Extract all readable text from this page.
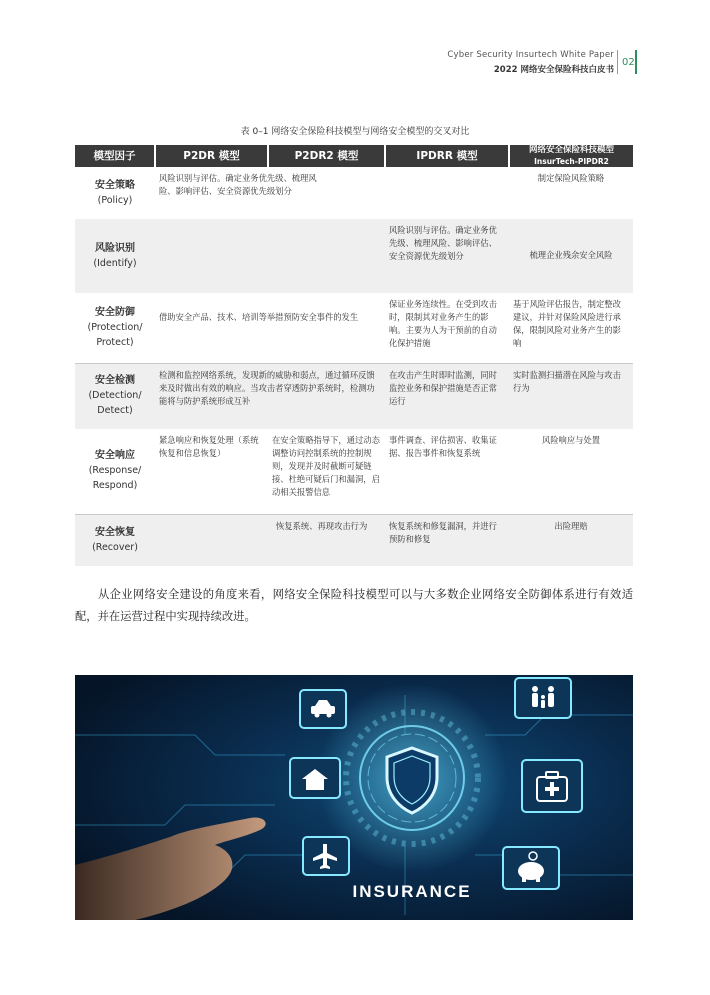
Cyber Security Insurtech White Paper
2022 网络安全保险科技白皮书
02
表 0–1 网络安全保险科技模型与网络安全模型的交叉对比
模型因子	P2DR 模型	P2DR2 模型	IPDRR 模型	网络安全保险科技模型
InsurTech-PIPDR2

安全策略
(Policy)	风险识别与评估。确定业务优先级、梳理风险、影响评估、安全资源优先级划分			制定保险风险策略

风险识别
(Identify)			风险识别与评估。确定业务优先级、梳理风险、影响评估、安全资源优先级划分	梳理企业残余安全风险

安全防御
(Protection/ Protect)	借助安全产品、技术、培训等举措预防安全事件的发生		保证业务连续性。在受到攻击时，限制其对业务产生的影响。主要为人为干预前的自动化保护措施	基于风险评估报告，制定整改建议，并针对保险风险进行承保，限制风险对业务产生的影响

安全检测
(Detection/ Detect)	检测和监控网络系统，发现新的威胁和弱点，通过循环反馈来及时做出有效的响应。当攻击者穿透防护系统时，检测功能将与防护系统形成互补		在攻击产生时即时监测，同时监控业务和保护措施是否正常运行	实时监测扫描潜在风险与攻击行为

安全响应
(Response/ Respond)	紧急响应和恢复处理（系统恢复和信息恢复）	在安全策略指导下，通过动态调整访问控制系统的控制规则，发现并及时截断可疑链接、杜绝可疑后门和漏洞，启动相关报警信息	事件调查、评估损害、收集证据、报告事件和恢复系统	风险响应与处置

安全恢复
(Recover)		恢复系统、再现攻击行为	恢复系统和修复漏洞，并进行预防和修复	出险理赔
从企业网络安全建设的角度来看，网络安全保险科技模型可以与大多数企业网络安全防御体系进行有效适配，并在运营过程中实现持续改进。
INSURANCE
